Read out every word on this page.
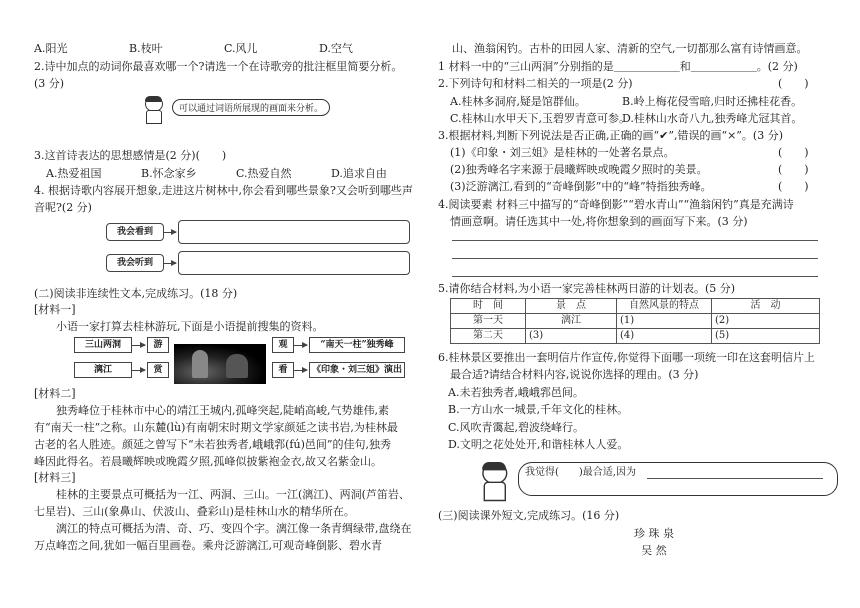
A.阳光	B.枝叶	C.风儿	D.空气
2.诗中加点的动词你最喜欢哪一个?请选一个在诗歌旁的批注框里简要分析。
(3 分)
可以通过词语所展现的画面来分析。
3.这首诗表达的思想感情是(2 分)(　　)
A.热爱祖国	B.怀念家乡	C.热爱自然	D.追求自由
4. 根据诗歌内容展开想象,走进这片树林中,你会看到哪些景象?又会听到哪些声
音呢?(2 分)
我会看到
我会听到
(二)阅读非连续性文本,完成练习。(18 分)
[材料一]
小语一家打算去桂林游玩,下面是小语提前搜集的资料。
三山两洞	游	观	“南天一柱”独秀峰
漓江	赏	看	《印象・刘三姐》演出
[材料二]
独秀峰位于桂林市中心的靖江王城内,孤峰突起,陡峭高峻,气势雄伟,素
有“南天一柱”之称。山东麓(lù)有南朝宋时期文学家颜延之读书岩,为桂林最
古老的名人胜迹。颜延之曾写下“未若独秀者,峨峨郛(fú)邑间”的佳句,独秀
峰因此得名。若晨曦辉映或晚霞夕照,孤峰似披紫袍金衣,故又名紫金山。
[材料三]
桂林的主要景点可概括为一江、两洞、三山。一江(漓江)、两洞(芦笛岩、
七星岩)、三山(象鼻山、伏波山、叠彩山)是桂林山水的精华所在。
漓江的特点可概括为清、奇、巧、变四个字。漓江像一条青绸绿带,盘绕在
万点峰峦之间,犹如一幅百里画卷。乘舟泛游漓江,可观奇峰倒影、碧水青
山、渔翁闲钓。古朴的田园人家、清新的空气,一切都那么富有诗情画意。
1 材料一中的“三山两洞”分别指的是＿＿＿＿＿＿和＿＿＿＿＿＿。(2 分)
2.下列诗句和材料二相关的一项是(2 分)	(　　)
A.桂林多洞府,疑是馆群仙。	B.岭上梅花侵雪暗,归时还拂桂花香。
C.桂林山水甲天下,玉碧罗青意可参。
D.桂林山水奇八九,独秀峰尤冠其首。
3.根据材料,判断下列说法是否正确,正确的画“✔”,错误的画“×”。(3 分)
(1)《印象・刘三姐》是桂林的一处著名景点。	(　　)
(2)独秀峰名字来源于晨曦辉映或晚霞夕照时的美景。	(　　)
(3)泛游漓江,看到的“奇峰倒影”中的“峰”特指独秀峰。	(　　)
4.阅读要素 材料三中描写的“奇峰倒影”“碧水青山”“渔翁闲钓”真是充满诗
情画意啊。请任选其中一处,将你想象到的画面写下来。(3 分)
5.请你结合材料,为小语一家完善桂林两日游的计划表。(5 分)
时　间	景　点	自然风景的特点	活　动
第一天	漓江	(1)	(2)
第二天	(3)	(4)	(5)
6.桂林景区要推出一套明信片作宣传,你觉得下面哪一项统一印在这套明信片上
最合适?请结合材料内容,说说你选择的理由。(3 分)
A.未若独秀者,峨峨郛邑间。
B.一方山水一城景,千年文化的桂林。
C.风吹青霭起,碧波绕峰行。
D.文明之花处处开,和谐桂林人人爱。
我觉得(　　)最合适,因为
(三)阅读课外短文,完成练习。(16 分)
珍 珠 泉
吴 然
